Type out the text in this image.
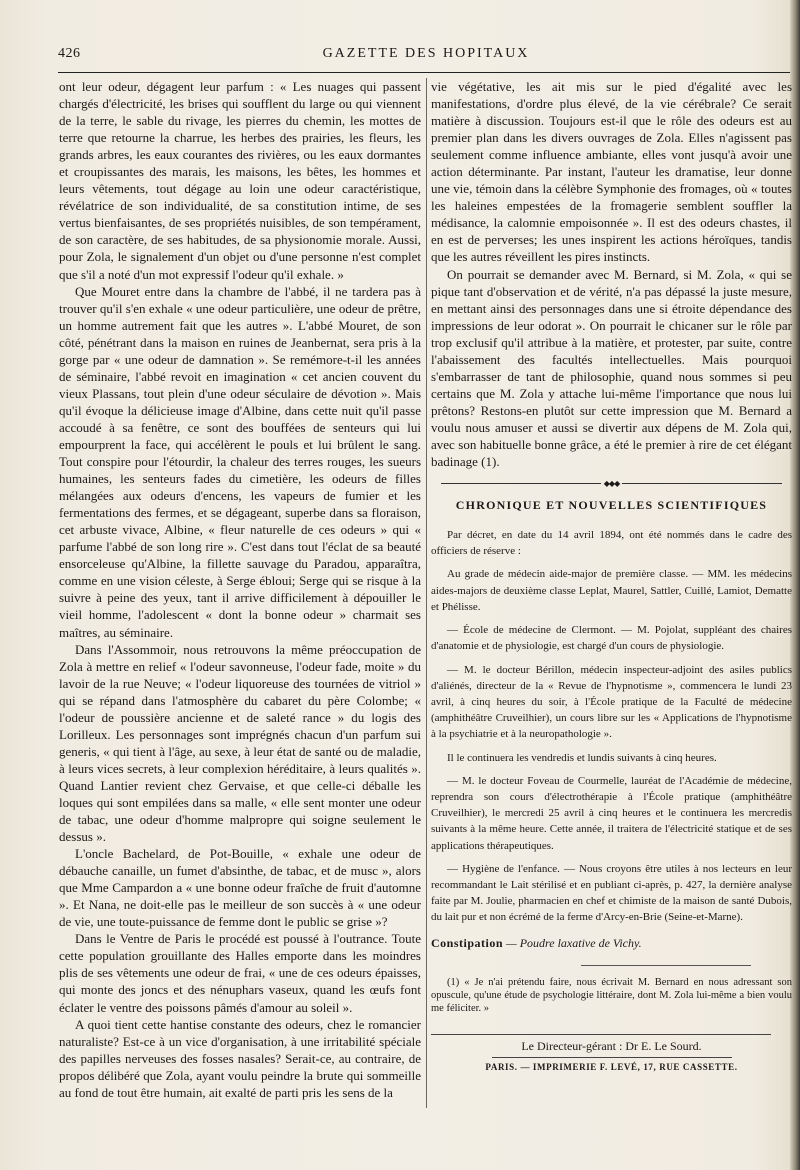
426	GAZETTE DES HOPITAUX

ont leur odeur, dégagent leur parfum : « Les nuages qui passent chargés d'électricité, les brises qui soufflent du large ou qui viennent de la terre, le sable du rivage, les pierres du chemin, les mottes de terre que retourne la charrue, les herbes des prairies, les fleurs, les grands arbres, les eaux courantes des rivières, ou les eaux dormantes et croupissantes des marais, les maisons, les bêtes, les hommes et leurs vêtements, tout dégage au loin une odeur caractéristique, révélatrice de son individualité, de sa constitution intime, de ses vertus bienfaisantes, de ses propriétés nuisibles, de son tempérament, de son caractère, de ses habitudes, de sa physionomie morale. Aussi, pour Zola, le signalement d'un objet ou d'une personne n'est complet que s'il a noté d'un mot expressif l'odeur qu'il exhale. »

Que Mouret entre dans la chambre de l'abbé, il ne tardera pas à trouver qu'il s'en exhale « une odeur particulière, une odeur de prêtre, un homme autrement fait que les autres ». L'abbé Mouret, de son côté, pénétrant dans la maison en ruines de Jeanbernat, sera pris à la gorge par « une odeur de damnation ». Se remémore-t-il les années de séminaire, l'abbé revoit en imagination « cet ancien couvent du vieux Plassans, tout plein d'une odeur séculaire de dévotion ». Mais qu'il évoque la délicieuse image d'Albine, dans cette nuit qu'il passe accoudé à sa fenêtre, ce sont des bouffées de senteurs qui lui empourprent la face, qui accélèrent le pouls et lui brûlent le sang. Tout conspire pour l'étourdir, la chaleur des terres rouges, les sueurs humaines, les senteurs fades du cimetière, les odeurs de filles mélangées aux odeurs d'encens, les vapeurs de fumier et les fermentations des fermes, et se dégageant, superbe dans sa floraison, cet arbuste vivace, Albine, « fleur naturelle de ces odeurs » qui « parfume l'abbé de son long rire ». C'est dans tout l'éclat de sa beauté ensorceleuse qu'Albine, la fillette sauvage du Paradou, apparaîtra, comme en une vision céleste, à Serge ébloui; Serge qui se risque à la suivre à peine des yeux, tant il arrive difficilement à dépouiller le vieil homme, l'adolescent « dont la bonne odeur » charmait ses maîtres, au séminaire.

Dans l'Assommoir, nous retrouvons la même préoccupation de Zola à mettre en relief « l'odeur savonneuse, l'odeur fade, moite » du lavoir de la rue Neuve; « l'odeur liquoreuse des tournées de vitriol » qui se répand dans l'atmosphère du cabaret du père Colombe; « l'odeur de poussière ancienne et de saleté rance » du logis des Lorilleux. Les personnages sont imprégnés chacun d'un parfum sui generis, « qui tient à l'âge, au sexe, à leur état de santé ou de maladie, à leurs vices secrets, à leur complexion héréditaire, à leurs qualités ». Quand Lantier revient chez Gervaise, et que celle-ci déballe les loques qui sont empilées dans sa malle, « elle sent monter une odeur de tabac, une odeur d'homme malpropre qui soigne seulement le dessus ».

L'oncle Bachelard, de Pot-Bouille, « exhale une odeur de débauche canaille, un fumet d'absinthe, de tabac, et de musc », alors que Mme Campardon a « une bonne odeur fraîche de fruit d'automne ». Et Nana, ne doit-elle pas le meilleur de son succès à « une odeur de vie, une toute-puissance de femme dont le public se grise »?

Dans le Ventre de Paris le procédé est poussé à l'outrance. Toute cette population grouillante des Halles emporte dans les moindres plis de ses vêtements une odeur de frai, « une de ces odeurs épaisses, qui monte des joncs et des nénuphars vaseux, quand les œufs font éclater le ventre des poissons pâmés d'amour au soleil ».

A quoi tient cette hantise constante des odeurs, chez le romancier naturaliste? Est-ce à un vice d'organisation, à une irritabilité spéciale des papilles nerveuses des fosses nasales? Serait-ce, au contraire, de propos délibéré que Zola, ayant voulu peindre la brute qui sommeille au fond de tout être humain, ait exalté de parti pris les sens de la

vie végétative, les ait mis sur le pied d'égalité avec les manifestations, d'ordre plus élevé, de la vie cérébrale? Ce serait matière à discussion. Toujours est-il que le rôle des odeurs est au premier plan dans les divers ouvrages de Zola. Elles n'agissent pas seulement comme influence ambiante, elles vont jusqu'à avoir une action déterminante. Par instant, l'auteur les dramatise, leur donne une vie, témoin dans la célèbre Symphonie des fromages, où « toutes les haleines empestées de la fromagerie semblent souffler la médisance, la calomnie empoisonnée ». Il est des odeurs chastes, il en est de perverses; les unes inspirent les actions héroïques, tandis que les autres réveillent les pires instincts.

On pourrait se demander avec M. Bernard, si M. Zola, « qui se pique tant d'observation et de vérité, n'a pas dépassé la juste mesure, en mettant ainsi des personnages dans une si étroite dépendance des impressions de leur odorat ». On pourrait le chicaner sur le rôle par trop exclusif qu'il attribue à la matière, et protester, par suite, contre l'abaissement des facultés intellectuelles. Mais pourquoi s'embarrasser de tant de philosophie, quand nous sommes si peu certains que M. Zola y attache lui-même l'importance que nous lui prêtons? Restons-en plutôt sur cette impression que M. Bernard a voulu nous amuser et aussi se divertir aux dépens de M. Zola qui, avec son habituelle bonne grâce, a été le premier à rire de cet élégant badinage (1).

◆◆◆
CHRONIQUE ET NOUVELLES SCIENTIFIQUES

Par décret, en date du 14 avril 1894, ont été nommés dans le cadre des officiers de réserve :

Au grade de médecin aide-major de première classe. — MM. les médecins aides-majors de deuxième classe Leplat, Maurel, Sattler, Cuillé, Lamiot, Dematte et Phélisse.

— École de médecine de Clermont. — M. Pojolat, suppléant des chaires d'anatomie et de physiologie, est chargé d'un cours de physiologie.

— M. le docteur Bérillon, médecin inspecteur-adjoint des asiles publics d'aliénés, directeur de la « Revue de l'hypnotisme », commencera le lundi 23 avril, à cinq heures du soir, à l'École pratique de la Faculté de médecine (amphithéâtre Cruveilhier), un cours libre sur les « Applications de l'hypnotisme à la psychiatrie et à la neuropathologie ».

Il le continuera les vendredis et lundis suivants à cinq heures.

— M. le docteur Foveau de Courmelle, lauréat de l'Académie de médecine, reprendra son cours d'électrothérapie à l'École pratique (amphithéâtre Cruveilhier), le mercredi 25 avril à cinq heures et le continuera les mercredis suivants à la même heure. Cette année, il traitera de l'électricité statique et de ses applications thérapeutiques.

— Hygiène de l'enfance. — Nous croyons être utiles à nos lecteurs en leur recommandant le Lait stérilisé et en publiant ci-après, p. 427, la dernière analyse faite par M. Joulie, pharmacien en chef et chimiste de la maison de santé Dubois, du lait pur et non écrémé de la ferme d'Arcy-en-Brie (Seine-et-Marne).

Constipation — Poudre laxative de Vichy.

(1) « Je n'ai prétendu faire, nous écrivait M. Bernard en nous adressant son opuscule, qu'une étude de psychologie littéraire, dont M. Zola lui-même a bien voulu me féliciter. »

Le Directeur-gérant : Dr E. Le Sourd.

PARIS. — IMPRIMERIE F. LEVÉ, 17, RUE CASSETTE.
